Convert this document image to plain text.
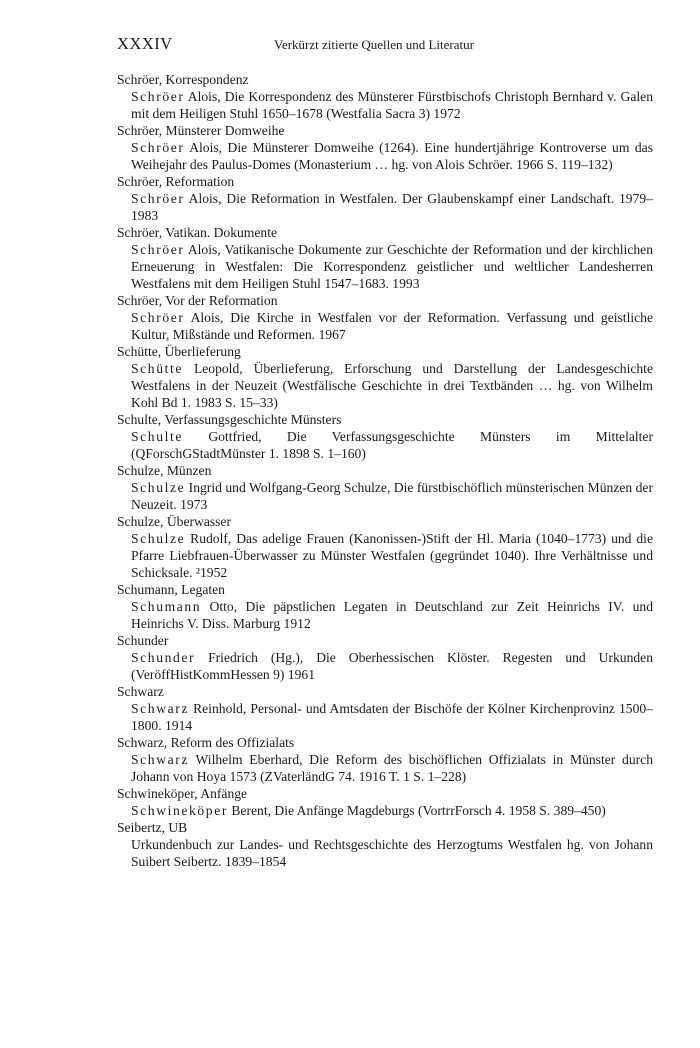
XXXIV	Verkürzt zitierte Quellen und Literatur
Schröer, Korrespondenz
Schröer Alois, Die Korrespondenz des Münsterer Fürstbischofs Christoph Bernhard v. Galen mit dem Heiligen Stuhl 1650–1678 (Westfalia Sacra 3) 1972
Schröer, Münsterer Domweihe
Schröer Alois, Die Münsterer Domweihe (1264). Eine hundertjährige Kontroverse um das Weihejahr des Paulus-Domes (Monasterium … hg. von Alois Schröer. 1966 S. 119–132)
Schröer, Reformation
Schröer Alois, Die Reformation in Westfalen. Der Glaubenskampf einer Landschaft. 1979–1983
Schröer, Vatikan. Dokumente
Schröer Alois, Vatikanische Dokumente zur Geschichte der Reformation und der kirchlichen Erneuerung in Westfalen: Die Korrespondenz geistlicher und weltlicher Landesherren Westfalens mit dem Heiligen Stuhl 1547–1683. 1993
Schröer, Vor der Reformation
Schröer Alois, Die Kirche in Westfalen vor der Reformation. Verfassung und geistliche Kultur, Mißstände und Reformen. 1967
Schütte, Überlieferung
Schütte Leopold, Überlieferung, Erforschung und Darstellung der Landesgeschichte Westfalens in der Neuzeit (Westfälische Geschichte in drei Textbänden … hg. von Wilhelm Kohl Bd 1. 1983 S. 15–33)
Schulte, Verfassungsgeschichte Münsters
Schulte Gottfried, Die Verfassungsgeschichte Münsters im Mittelalter (QForschGStadtMünster 1. 1898 S. 1–160)
Schulze, Münzen
Schulze Ingrid und Wolfgang-Georg Schulze, Die fürstbischöflich münsterischen Münzen der Neuzeit. 1973
Schulze, Überwasser
Schulze Rudolf, Das adelige Frauen (Kanonissen-)Stift der Hl. Maria (1040–1773) und die Pfarre Liebfrauen-Überwasser zu Münster Westfalen (gegründet 1040). Ihre Verhältnisse und Schicksale. ²1952
Schumann, Legaten
Schumann Otto, Die päpstlichen Legaten in Deutschland zur Zeit Heinrichs IV. und Heinrichs V. Diss. Marburg 1912
Schunder
Schunder Friedrich (Hg.), Die Oberhessischen Klöster. Regesten und Urkunden (VeröffHistKommHessen 9) 1961
Schwarz
Schwarz Reinhold, Personal- und Amtsdaten der Bischöfe der Kölner Kirchenprovinz 1500–1800. 1914
Schwarz, Reform des Offizialats
Schwarz Wilhelm Eberhard, Die Reform des bischöflichen Offizialats in Münster durch Johann von Hoya 1573 (ZVaterländG 74. 1916 T. 1 S. 1–228)
Schwineköper, Anfänge
Schwineköper Berent, Die Anfänge Magdeburgs (VortrrForsch 4. 1958 S. 389–450)
Seibertz, UB
Urkundenbuch zur Landes- und Rechtsgeschichte des Herzogtums Westfalen hg. von Johann Suibert Seibertz. 1839–1854
